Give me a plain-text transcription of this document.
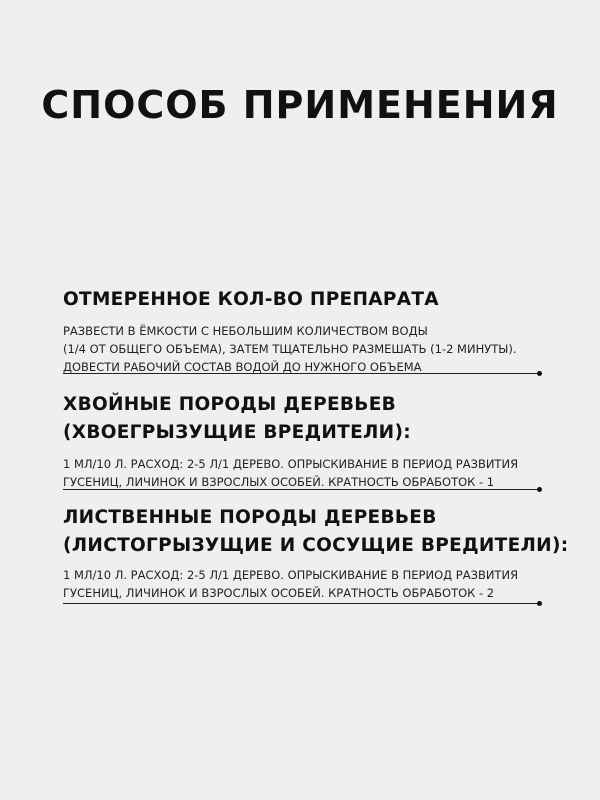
СПОСОБ ПРИМЕНЕНИЯ
ОТМЕРЕННОЕ КОЛ-ВО ПРЕПАРАТА
РАЗВЕСТИ В ЁМКОСТИ С НЕБОЛЬШИМ КОЛИЧЕСТВОМ ВОДЫ
(1/4 ОТ ОБЩЕГО ОБЪЕМА), ЗАТЕМ ТЩАТЕЛЬНО РАЗМЕШАТЬ (1-2 МИНУТЫ).
ДОВЕСТИ РАБОЧИЙ СОСТАВ ВОДОЙ ДО НУЖНОГО ОБЪЕМА
ХВОЙНЫЕ ПОРОДЫ ДЕРЕВЬЕВ
(ХВОЕГРЫЗУЩИЕ ВРЕДИТЕЛИ):
1 МЛ/10 Л. РАСХОД: 2-5 Л/1 ДЕРЕВО. ОПРЫСКИВАНИЕ В ПЕРИОД РАЗВИТИЯ
ГУСЕНИЦ, ЛИЧИНОК И ВЗРОСЛЫХ ОСОБЕЙ. КРАТНОСТЬ ОБРАБОТОК - 1
ЛИСТВЕННЫЕ ПОРОДЫ ДЕРЕВЬЕВ
(ЛИСТОГРЫЗУЩИЕ И СОСУЩИЕ ВРЕДИТЕЛИ):
1 МЛ/10 Л. РАСХОД: 2-5 Л/1 ДЕРЕВО. ОПРЫСКИВАНИЕ В ПЕРИОД РАЗВИТИЯ
ГУСЕНИЦ, ЛИЧИНОК И ВЗРОСЛЫХ ОСОБЕЙ. КРАТНОСТЬ ОБРАБОТОК - 2
